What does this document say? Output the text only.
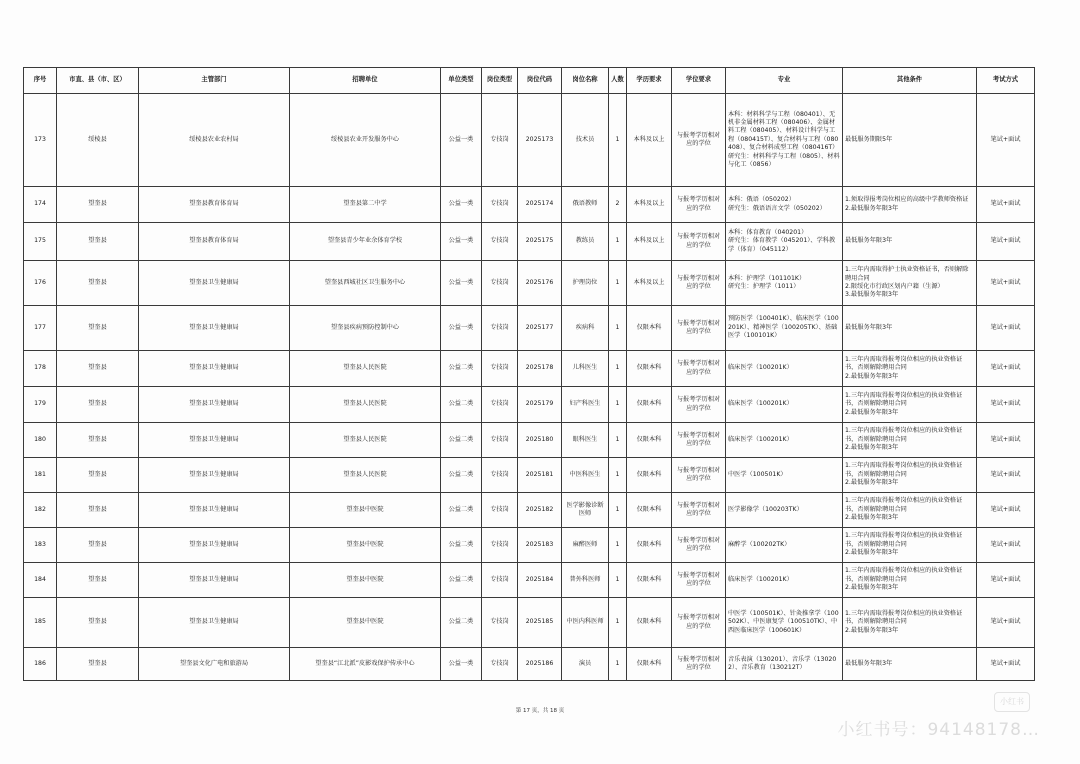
序号	市直、县（市、区）	主管部门	招聘单位	单位类型	岗位类型	岗位代码	岗位名称	人数	学历要求	学位要求	专业	其他条件	考试方式
173	绥棱县	绥棱县农业农村局	绥棱县农业开发服务中心	公益一类	专技岗	2025173	技术员	1	本科及以上	与报考学历相对应的学位	本科：材料科学与工程（080401）、无机非金属材料工程（080406）、金属材料工程（080405）、材料设计科学与工程（080415T）、复合材料与工程（080408）、复合材料成型工程（080416T）
研究生：材料科学与工程（0805）、材料与化工（0856）	最低服务期限5年	笔试+面试
174	望奎县	望奎县教育体育局	望奎县第二中学	公益一类	专技岗	2025174	俄语教师	2	本科及以上	与报考学历相对应的学位	本科：俄语（050202）
研究生：俄语语言文学（050202）	1.须取得报考岗位相应的高级中学教师资格证
2.最低服务年限3年	笔试+面试
175	望奎县	望奎县教育体育局	望奎县青少年业余体育学校	公益一类	专技岗	2025175	教练员	1	本科及以上	与报考学历相对应的学位	本科：体育教育（040201）
研究生：体育教学（045201）、学科教学（体育）（045112）	最低服务年限3年	笔试+面试
176	望奎县	望奎县卫生健康局	望奎县西城社区卫生服务中心	公益一类	专技岗	2025176	护理岗位	1	本科及以上	与报考学历相对应的学位	本科：护理学（101101K）
研究生：护理学（1011）	1.三年内需取得护士执业资格证书，否则解除聘用合同
2.限绥化市行政区划内户籍（生源）
3.最低服务年限3年	笔试+面试
177	望奎县	望奎县卫生健康局	望奎县疾病预防控制中心	公益一类	专技岗	2025177	疾病科	1	仅限本科	与报考学历相对应的学位	预防医学（100401K）、临床医学（100201K）、精神医学（100205TK）、基础医学（100101K）	最低服务年限3年	笔试+面试
178	望奎县	望奎县卫生健康局	望奎县人民医院	公益二类	专技岗	2025178	儿科医生	1	仅限本科	与报考学历相对应的学位	临床医学（100201K）	1.三年内需取得报考岗位相应的执业资格证书，否则解除聘用合同
2.最低服务年限3年	笔试+面试
179	望奎县	望奎县卫生健康局	望奎县人民医院	公益二类	专技岗	2025179	妇产科医生	1	仅限本科	与报考学历相对应的学位	临床医学（100201K）	1.三年内需取得报考岗位相应的执业资格证书，否则解除聘用合同
2.最低服务年限3年	笔试+面试
180	望奎县	望奎县卫生健康局	望奎县人民医院	公益二类	专技岗	2025180	眼科医生	1	仅限本科	与报考学历相对应的学位	临床医学（100201K）	1.三年内需取得报考岗位相应的执业资格证书，否则解除聘用合同
2.最低服务年限3年	笔试+面试
181	望奎县	望奎县卫生健康局	望奎县人民医院	公益二类	专技岗	2025181	中医科医生	1	仅限本科	与报考学历相对应的学位	中医学（100501K）	1.三年内需取得报考岗位相应的执业资格证书，否则解除聘用合同
2.最低服务年限3年	笔试+面试
182	望奎县	望奎县卫生健康局	望奎县中医院	公益二类	专技岗	2025182	医学影像诊断医师	1	仅限本科	与报考学历相对应的学位	医学影像学（100203TK）	1.三年内需取得报考岗位相应的执业资格证书，否则解除聘用合同
2.最低服务年限3年	笔试+面试
183	望奎县	望奎县卫生健康局	望奎县中医院	公益二类	专技岗	2025183	麻醉医师	1	仅限本科	与报考学历相对应的学位	麻醉学（100202TK）	1.三年内需取得报考岗位相应的执业资格证书，否则解除聘用合同
2.最低服务年限3年	笔试+面试
184	望奎县	望奎县卫生健康局	望奎县中医院	公益二类	专技岗	2025184	普外科医师	1	仅限本科	与报考学历相对应的学位	临床医学（100201K）	1.三年内需取得报考岗位相应的执业资格证书，否则解除聘用合同
2.最低服务年限3年	笔试+面试
185	望奎县	望奎县卫生健康局	望奎县中医院	公益二类	专技岗	2025185	中医内科医师	1	仅限本科	与报考学历相对应的学位	中医学（100501K）、针灸推拿学（100502K）、中医康复学（100510TK）、中西医临床医学（100601K）	1.三年内需取得报考岗位相应的执业资格证书，否则解除聘用合同
2.最低服务年限3年	笔试+面试
186	望奎县	望奎县文化广电和旅游局	望奎县“江北派”皮影戏保护传承中心	公益一类	专技岗	2025186	演员	1	仅限本科	与报考学历相对应的学位	音乐表演（130201）、音乐学（130202）、音乐教育（130212T）	最低服务年限3年	笔试+面试
第 17 页，共 18 页
小红书
小红书号：94148178…
